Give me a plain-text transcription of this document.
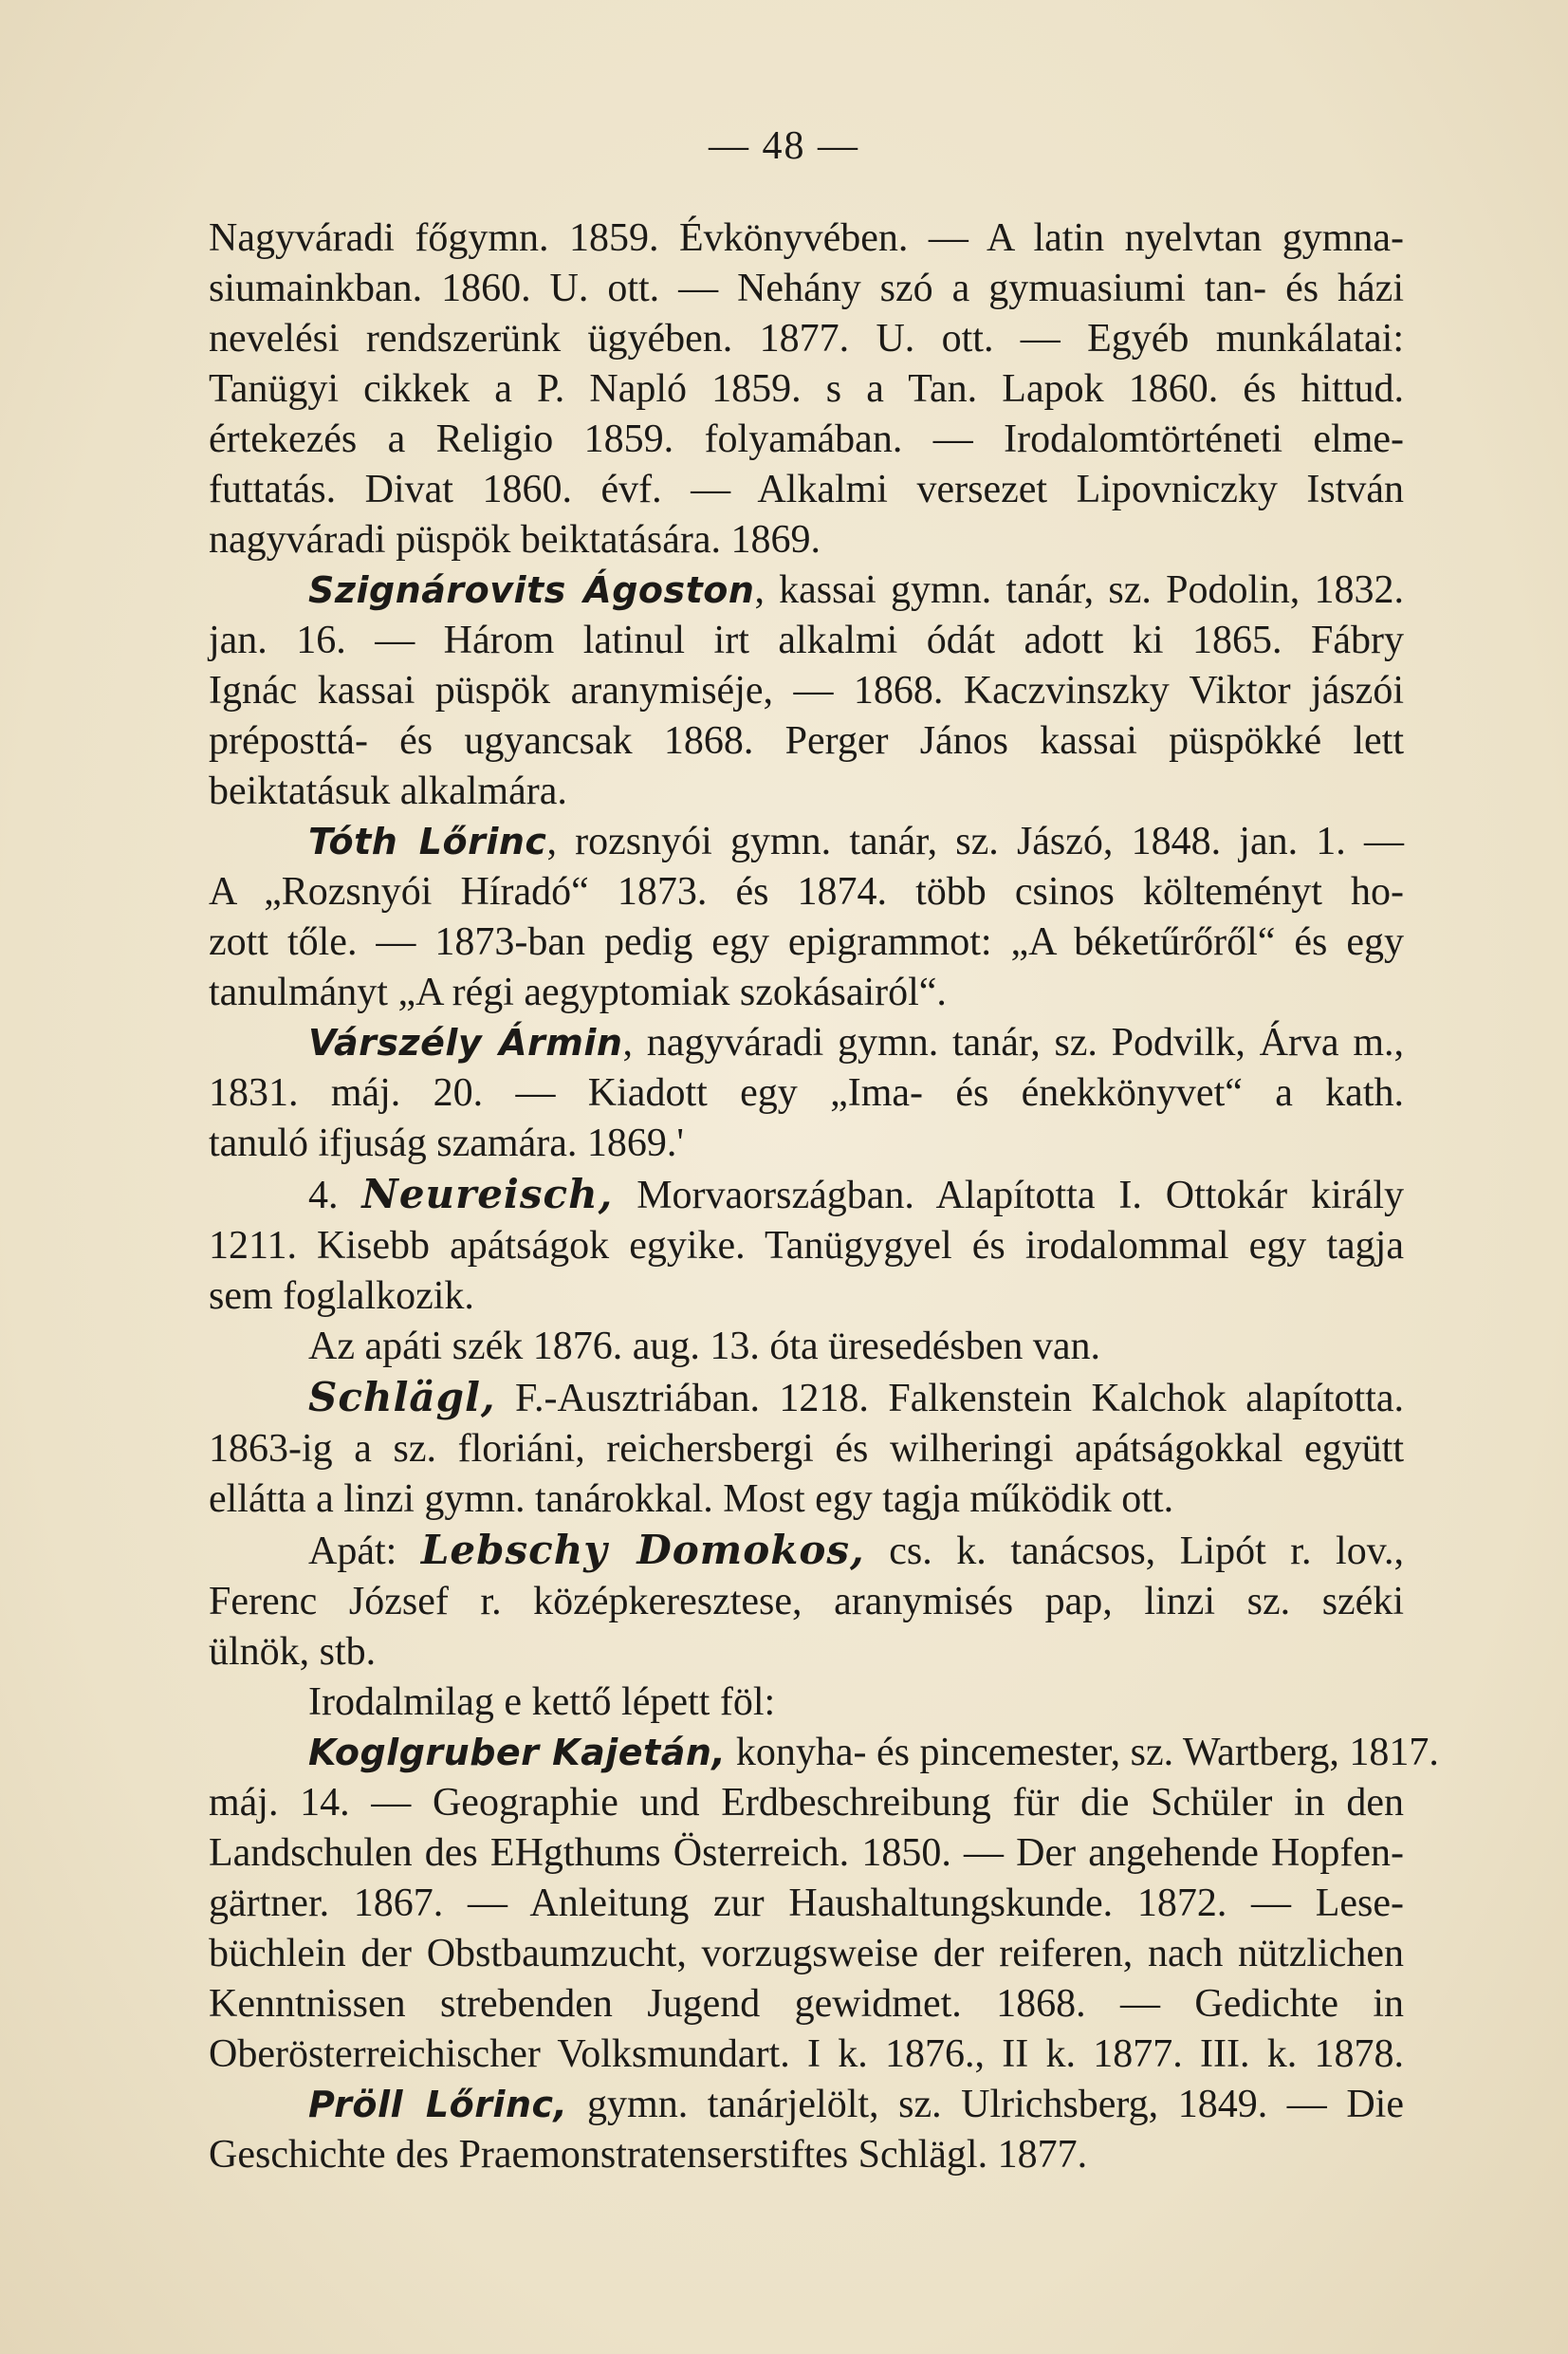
— 48 —
Nagyváradi főgymn. 1859. Évkönyvében. — A latin nyelvtan gymna-
siumainkban. 1860. U. ott. — Nehány szó a gymuasiumi tan- és házi
nevelési rendszerünk ügyében. 1877. U. ott. — Egyéb munkálatai:
Tanügyi cikkek a P. Napló 1859. s a Tan. Lapok 1860. és hittud.
értekezés a Religio 1859. folyamában. — Irodalomtörténeti elme-
futtatás. Divat 1860. évf. — Alkalmi versezet Lipovniczky István
nagyváradi püspök beiktatására. 1869.
Szignárovits Ágoston, kassai gymn. tanár, sz. Podolin, 1832.
jan. 16. — Három latinul irt alkalmi ódát adott ki 1865. Fábry
Ignác kassai püspök aranymiséje, — 1868. Kaczvinszky Viktor jászói
préposttá- és ugyancsak 1868. Perger János kassai püspökké lett
beiktatásuk alkalmára.
Tóth Lőrinc, rozsnyói gymn. tanár, sz. Jászó, 1848. jan. 1. —
A „Rozsnyói Híradó“ 1873. és 1874. több csinos költeményt ho-
zott tőle. — 1873-ban pedig egy epigrammot: „A béketűrőről“ és egy
tanulmányt „A régi aegyptomiak szokásairól“.
Várszély Ármin, nagyváradi gymn. tanár, sz. Podvilk, Árva m.,
1831. máj. 20. — Kiadott egy „Ima- és énekkönyvet“ a kath.
tanuló ifjuság szamára. 1869.'
4. Neureisch, Morvaországban. Alapította I. Ottokár király
1211. Kisebb apátságok egyike. Tanügygyel és irodalommal egy tagja
sem foglalkozik.
Az apáti szék 1876. aug. 13. óta üresedésben van.
Schlägl, F.-Ausztriában. 1218. Falkenstein Kalchok alapította.
1863-ig a sz. floriáni, reichersbergi és wilheringi apátságokkal együtt
ellátta a linzi gymn. tanárokkal. Most egy tagja működik ott.
Apát: Lebschy Domokos, cs. k. tanácsos, Lipót r. lov.,
Ferenc József r. középkeresztese, aranymisés pap, linzi sz. széki
ülnök, stb.
Irodalmilag e kettő lépett föl:
Koglgruber Kajetán, konyha- és pincemester, sz. Wartberg, 1817.
máj. 14. — Geographie und Erdbeschreibung für die Schüler in den
Landschulen des EHgthums Österreich. 1850. — Der angehende Hopfen-
gärtner. 1867. — Anleitung zur Haushaltungskunde. 1872. — Lese-
büchlein der Obstbaumzucht, vorzugsweise der reiferen, nach nützlichen
Kenntnissen strebenden Jugend gewidmet. 1868. — Gedichte in
Oberösterreichischer Volksmundart. I k. 1876., II k. 1877. III. k. 1878.
Pröll Lőrinc, gymn. tanárjelölt, sz. Ulrichsberg, 1849. — Die
Geschichte des Praemonstratenserstiftes Schlägl. 1877.
